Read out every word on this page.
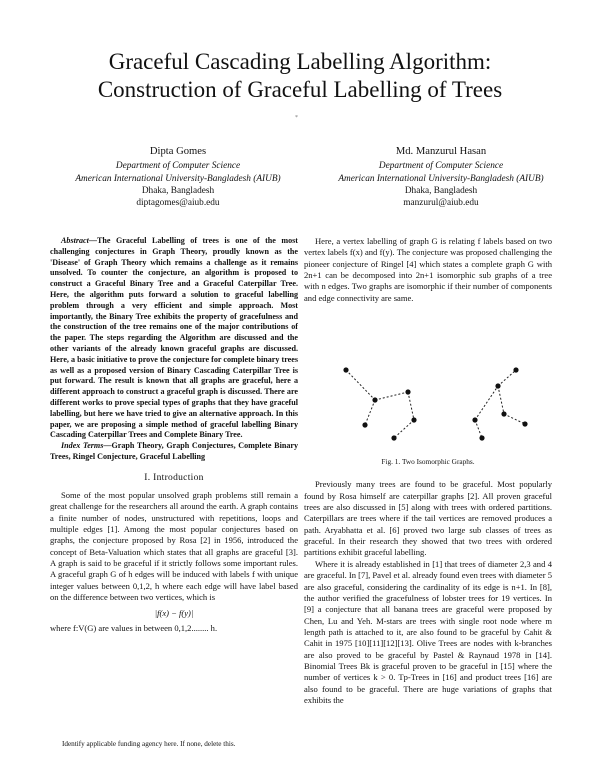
Graceful Cascading Labelling Algorithm:
Construction of Graceful Labelling of Trees
*
Dipta Gomes
Department of Computer Science
American International University-Bangladesh (AIUB)
Dhaka, Bangladesh
diptagomes@aiub.edu
Md. Manzurul Hasan
Department of Computer Science
American International University-Bangladesh (AIUB)
Dhaka, Bangladesh
manzurul@aiub.edu

Abstract—The Graceful Labelling of trees is one of the most challenging conjectures in Graph Theory, proudly known as the 'Disease' of Graph Theory which remains a challenge as it remains unsolved. To counter the conjecture, an algorithm is proposed to construct a Graceful Binary Tree and a Graceful Caterpillar Tree. Here, the algorithm puts forward a solution to graceful labelling problem through a very efficient and simple approach. Most importantly, the Binary Tree exhibits the property of gracefulness and the construction of the tree remains one of the major contributions of the paper. The steps regarding the Algorithm are discussed and the other variants of the already known graceful graphs are discussed. Here, a basic initiative to prove the conjecture for complete binary trees as well as a proposed version of Binary Cascading Caterpillar Tree is put forward. The result is known that all graphs are graceful, here a different approach to construct a graceful graph is discussed. There are different works to prove special types of graphs that they have graceful labelling, but here we have tried to give an alternative approach. In this paper, we are proposing a simple method of graceful labelling Binary Cascading Caterpillar Trees and Complete Binary Tree.

Index Terms—Graph Theory, Graph Conjectures, Complete Binary Trees, Ringel Conjecture, Graceful Labelling

I. Introduction

Some of the most popular unsolved graph problems still remain a great challenge for the researchers all around the earth. A graph contains a finite number of nodes, unstructured with repetitions, loops and multiple edges [1]. Among the most popular conjectures based on graphs, the conjecture proposed by Rosa [2] in 1956, introduced the concept of Beta-Valuation which states that all graphs are graceful [3]. A graph is said to be graceful if it strictly follows some important rules. A graceful graph G of h edges will be induced with labels f with unique integer values between 0,1,2, h where each edge will have label based on the difference between two vertices, which is

|f(x) − f(y)|

where f:V(G) are values in between 0,1,2........ h.

Identify applicable funding agency here. If none, delete this.

Here, a vertex labelling of graph G is relating f labels based on two vertex labels f(x) and f(y). The conjecture was proposed challenging the pioneer conjecture of Ringel [4] which states a complete graph G with 2n+1 can be decomposed into 2n+1 isomorphic sub graphs of a tree with n edges. Two graphs are isomorphic if their number of components and edge connectivity are same.

Fig. 1. Two Isomorphic Graphs.

Previously many trees are found to be graceful. Most popularly found by Rosa himself are caterpillar graphs [2]. All proven graceful trees are also discussed in [5] along with trees with ordered partitions. Caterpillars are trees where if the tail vertices are removed produces a path. Aryabhatta et al. [6] proved two large sub classes of trees as graceful. In their research they showed that two trees with ordered partitions exhibit graceful labelling.

Where it is already established in [1] that trees of diameter 2,3 and 4 are graceful. In [7], Pavel et al. already found even trees with diameter 5 are also graceful, considering the cardinality of its edge is n+1. In [8], the author verified the gracefulness of lobster trees for 19 vertices. In [9] a conjecture that all banana trees are graceful were proposed by Chen, Lu and Yeh. M-stars are trees with single root node where m length path is attached to it, are also found to be graceful by Cahit & Cahit in 1975 [10][11][12][13]. Olive Trees are nodes with k-branches are also proved to be graceful by Pastel & Raynaud 1978 in [14]. Binomial Trees Bk is graceful proven to be graceful in [15] where the number of vertices k > 0. Tp-Trees in [16] and product trees [16] are also found to be graceful. There are huge variations of graphs that exhibits the
